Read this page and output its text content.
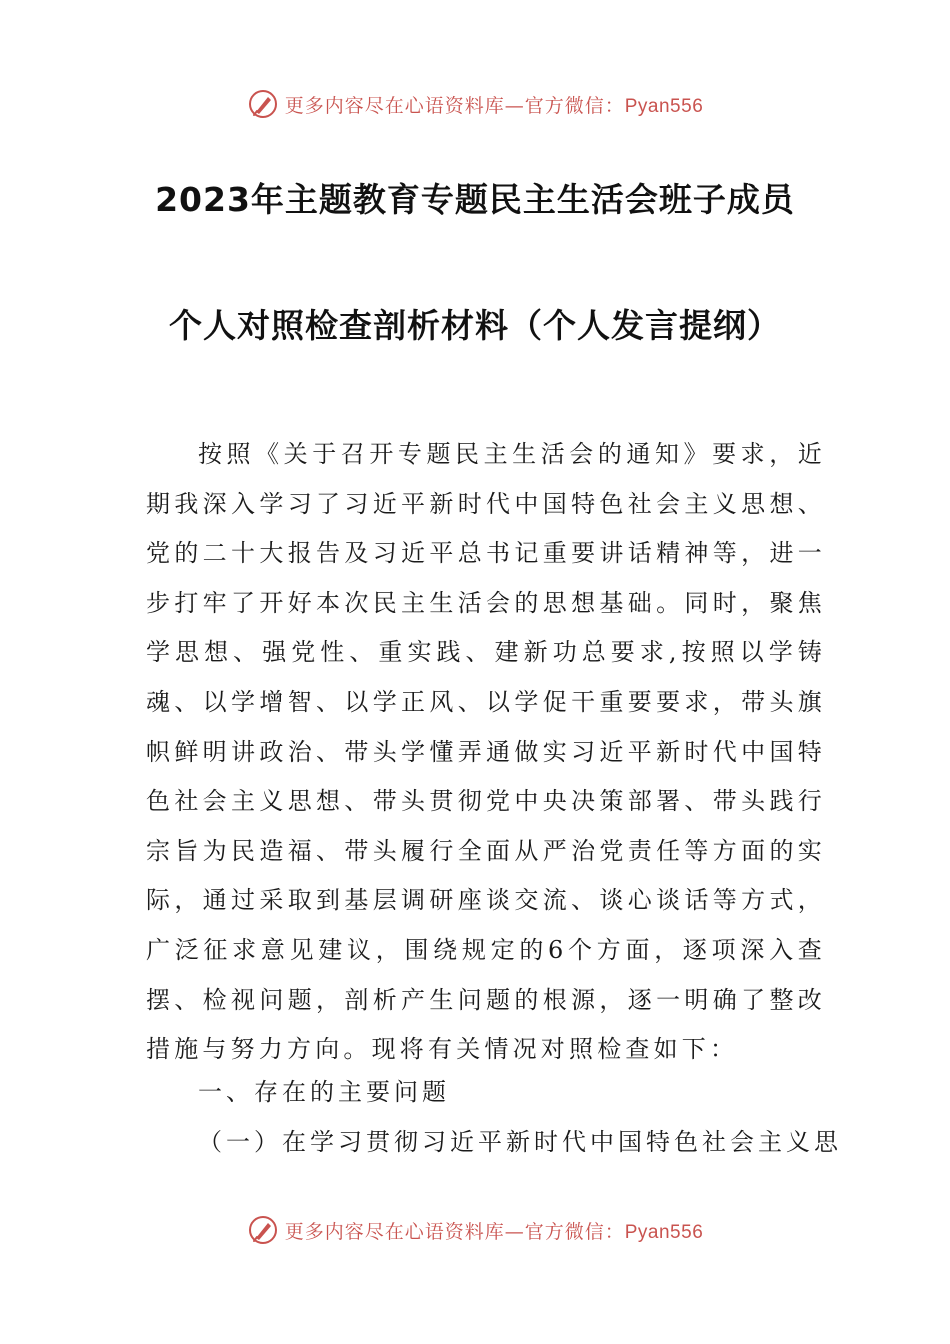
更多内容尽在心语资料库—官方微信：Pyan556
2023年主题教育专题民主生活会班子成员
个人对照检查剖析材料（个人发言提纲）

按照《关于召开专题民主生活会的通知》要求，近期我深入学习了习近平新时代中国特色社会主义思想、党的二十大报告及习近平总书记重要讲话精神等，进一步打牢了开好本次民主生活会的思想基础。同时，聚焦学思想、强党性、重实践、建新功总要求,按照以学铸魂、以学增智、以学正风、以学促干重要要求，带头旗帜鲜明讲政治、带头学懂弄通做实习近平新时代中国特色社会主义思想、带头贯彻党中央决策部署、带头践行宗旨为民造福、带头履行全面从严治党责任等方面的实际，通过采取到基层调研座谈交流、谈心谈话等方式，广泛征求意见建议，围绕规定的6个方面，逐项深入查摆、检视问题，剖析产生问题的根源，逐一明确了整改措施与努力方向。现将有关情况对照检查如下：

一、存在的主要问题
（一）在学习贯彻习近平新时代中国特色社会主义思
更多内容尽在心语资料库—官方微信：Pyan556
